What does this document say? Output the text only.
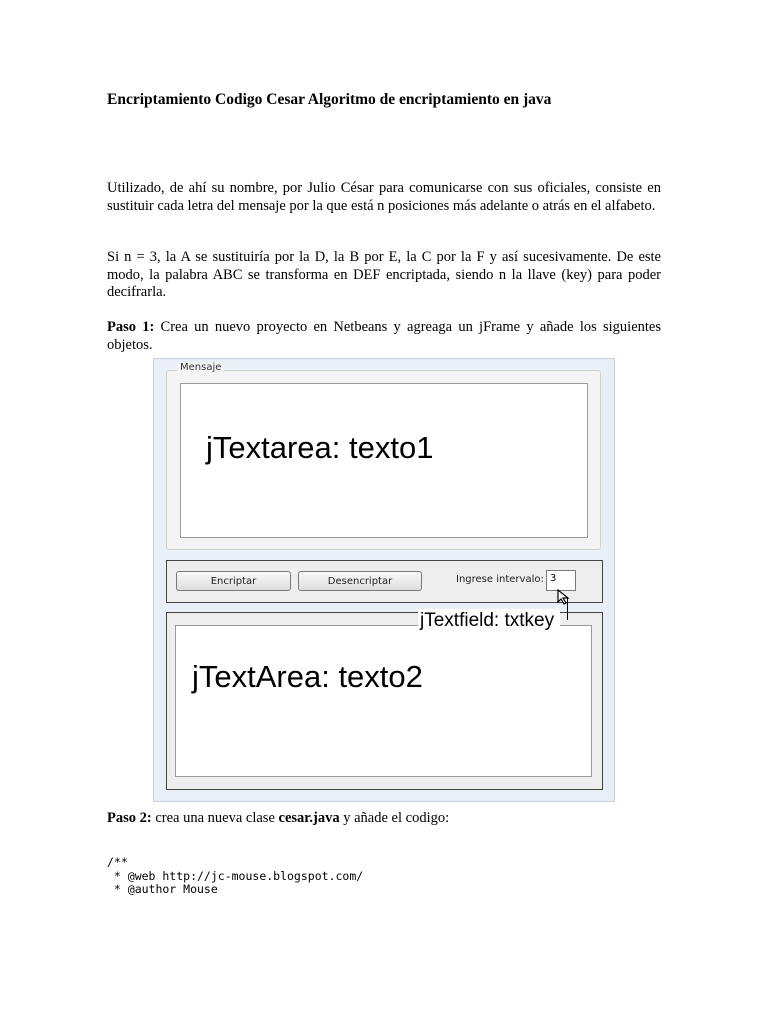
Encriptamiento Codigo Cesar Algoritmo de encriptamiento en java
Utilizado, de ahí su nombre, por Julio César para comunicarse con sus oficiales, consiste en sustituir cada letra del mensaje por la que está n posiciones más adelante o atrás en el alfabeto.
Si n = 3, la A se sustituiría por la D, la B por E, la C por la F y así sucesivamente. De este modo, la palabra ABC se transforma en DEF encriptada, siendo n la llave (key) para poder decifrarla.
Paso 1: Crea un nuevo proyecto en Netbeans y agreaga un jFrame y añade los siguientes objetos.
Mensaje
jTextarea: texto1
Encriptar	Desencriptar	Ingrese intervalo: 3
jTextArea: texto2
jTextfield: txtkey
Paso 2: crea una nueva clase cesar.java y añade el codigo:
/**
* @web http://jc-mouse.blogspot.com/
* @author Mouse
